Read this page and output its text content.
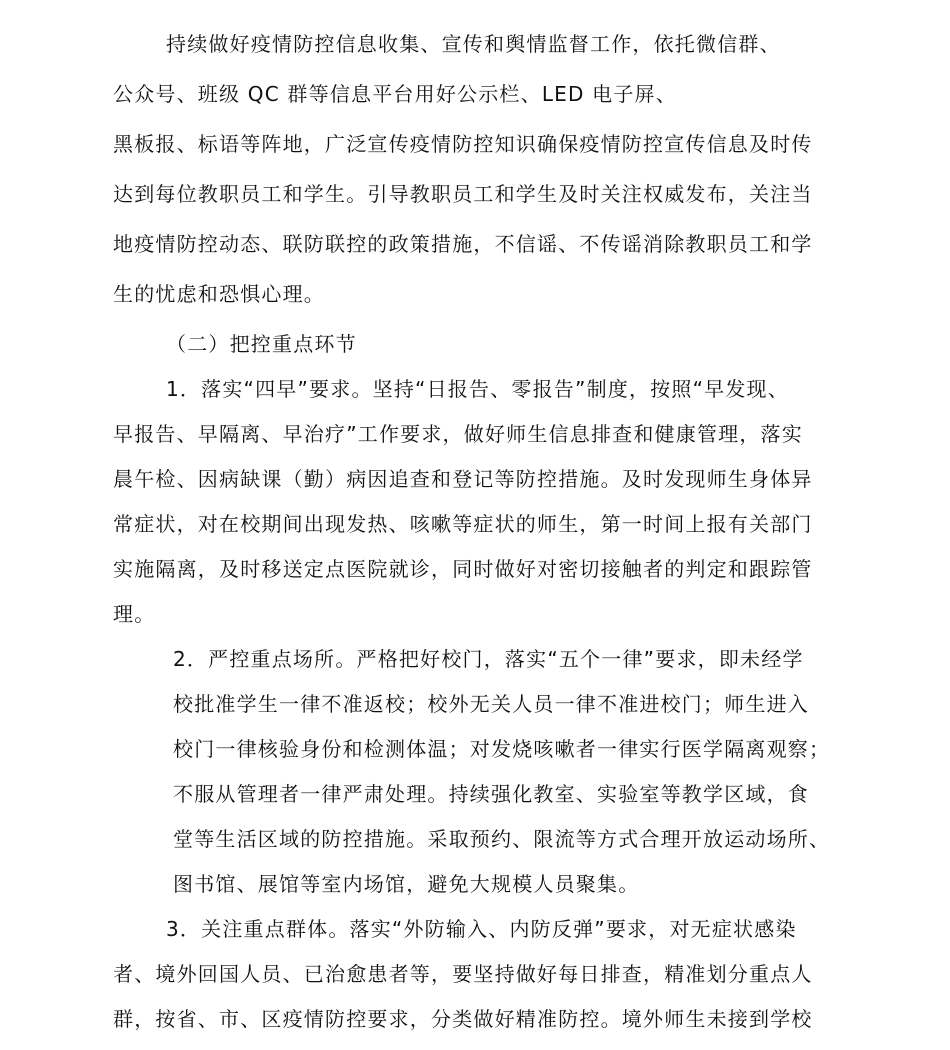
持续做好疫情防控信息收集、宣传和舆情监督工作，依托微信群、
公众号、班级 QC 群等信息平台用好公示栏、LED 电子屏、
黑板报、标语等阵地，广泛宣传疫情防控知识确保疫情防控宣传信息及时传
达到每位教职员工和学生。引导教职员工和学生及时关注权威发布，关注当
地疫情防控动态、联防联控的政策措施，不信谣、不传谣消除教职员工和学
生的忧虑和恐惧心理。
（二）把控重点环节
1．落实“四早”要求。坚持“日报告、零报告”制度，按照“早发现、
早报告、早隔离、早治疗”工作要求，做好师生信息排查和健康管理，落实
晨午检、因病缺课（勤）病因追查和登记等防控措施。及时发现师生身体异
常症状，对在校期间出现发热、咳嗽等症状的师生，第一时间上报有关部门
实施隔离，及时移送定点医院就诊，同时做好对密切接触者的判定和跟踪管
理。
2．严控重点场所。严格把好校门，落实“五个一律”要求，即未经学
校批准学生一律不准返校；校外无关人员一律不准进校门；师生进入
校门一律核验身份和检测体温；对发烧咳嗽者一律实行医学隔离观察；
不服从管理者一律严肃处理。持续强化教室、实验室等教学区域，食
堂等生活区域的防控措施。采取预约、限流等方式合理开放运动场所、
图书馆、展馆等室内场馆，避免大规模人员聚集。
3．关注重点群体。落实“外防输入、内防反弹”要求，对无症状感染
者、境外回国人员、已治愈患者等，要坚持做好每日排查，精准划分重点人
群，按省、市、区疫情防控要求，分类做好精准防控。境外师生未接到学校
